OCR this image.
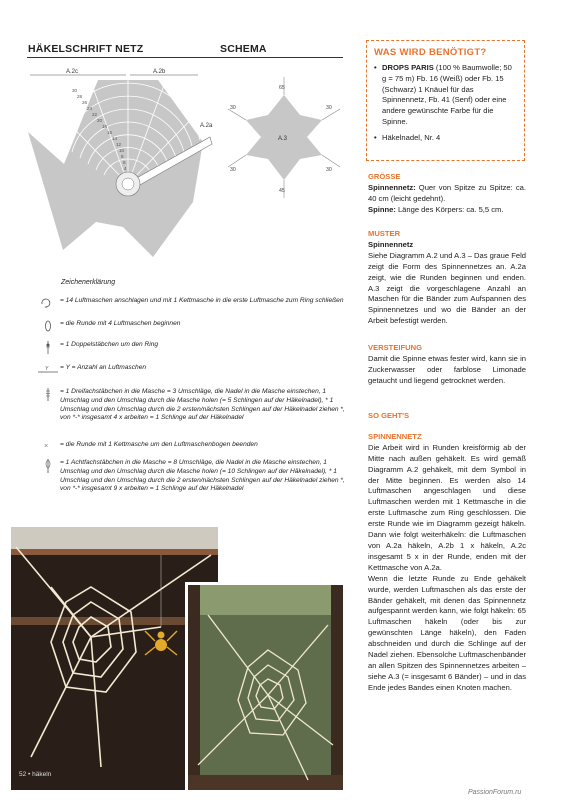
HÄKELSCHRIFT NETZ	SCHEMA
A.2c	A.2b
A.2a
30
28
26
24
22
20
18
16
14
12
10
8
6
4
65
30
30
30
30
45
A.3
Zeichenerklärung
= 14 Luftmaschen anschlagen und mit 1 Kettmasche in die erste Luftmasche zum Ring schließen
= die Runde mit 4 Luftmaschen beginnen
= 1 Doppelstäbchen um den Ring
Y = Y = Anzahl an Luftmaschen
= 1 Dreifachstäbchen in die Masche = 3 Umschläge, die Nadel in die Masche einstechen, 1 Umschlag und den Umschlag durch die Masche holen (= 5 Schlingen auf der Häkelnadel), * 1 Umschlag und den Umschlag durch die 2 ersten/nächsten Schlingen auf der Häkelnadel ziehen *, von *-* insgesamt 4 x arbeiten = 1 Schlinge auf der Häkelnadel
× = die Runde mit 1 Kettmasche um den Luftmaschenbogen beenden
= 1 Achtfachstäbchen in die Masche = 8 Umschläge, die Nadel in die Masche einstechen, 1 Umschlag und den Umschlag durch die Masche holen (= 10 Schlingen auf der Häkelnadel), * 1 Umschlag und den Umschlag durch die 2 ersten/nächsten Schlingen auf der Häkelnadel ziehen *, von *-* insgesamt 9 x arbeiten = 1 Schlinge auf der Häkelnadel
52 • häkeln
WAS WIRD BENÖTIGT?
• DROPS PARIS (100 % Baumwolle; 50 g = 75 m) Fb. 16 (Weiß) oder Fb. 15 (Schwarz) 1 Knäuel für das Spinnennetz, Fb. 41 (Senf) oder eine andere gewünschte Farbe für die Spinne.
• Häkelnadel, Nr. 4
GRÖSSE
Spinnennetz: Quer von Spitze zu Spitze: ca. 40 cm (leicht gedehnt).
Spinne: Länge des Körpers: ca. 5,5 cm.
MUSTER
Spinnennetz
Siehe Diagramm A.2 und A.3 – Das graue Feld zeigt die Form des Spinnennetzes an. A.2a zeigt, wie die Runden beginnen und enden. A.3 zeigt die vorgeschlagene Anzahl an Maschen für die Bänder zum Aufspannen des Spinnennetzes und wo die Bänder an der Arbeit befestigt werden.
VERSTEIFUNG
Damit die Spinne etwas fester wird, kann sie in Zuckerwasser oder farblose Limonade getaucht und liegend getrocknet werden.
SO GEHT'S
SPINNENNETZ
Die Arbeit wird in Runden kreisförmig ab der Mitte nach außen gehäkelt. Es wird gemäß Diagramm A.2 gehäkelt, mit dem Symbol in der Mitte beginnen. Es werden also 14 Luftmaschen angeschlagen und diese Luftmaschen werden mit 1 Kettmasche in die erste Luftmasche zum Ring geschlossen. Die erste Runde wie im Diagramm gezeigt häkeln. Dann wie folgt weiterhäkeln: die Luftmaschen von A.2a häkeln, A.2b 1 x häkeln, A.2c insgesamt 5 x in der Runde, enden mit der Kettmasche von A.2a.
Wenn die letzte Runde zu Ende gehäkelt wurde, werden Luftmaschen als das erste der Bänder gehäkelt, mit denen das Spinnennetz aufgespannt werden kann, wie folgt häkeln: 65 Luftmaschen häkeln (oder bis zur gewünschten Länge häkeln), den Faden abschneiden und durch die Schlinge auf der Nadel ziehen. Ebensolche Luftmaschenbänder an allen Spitzen des Spinnennetzes arbeiten – siehe A.3 (= insgesamt 6 Bänder) – und in das Ende jedes Bandes einen Knoten machen.
PassionForum.ru
